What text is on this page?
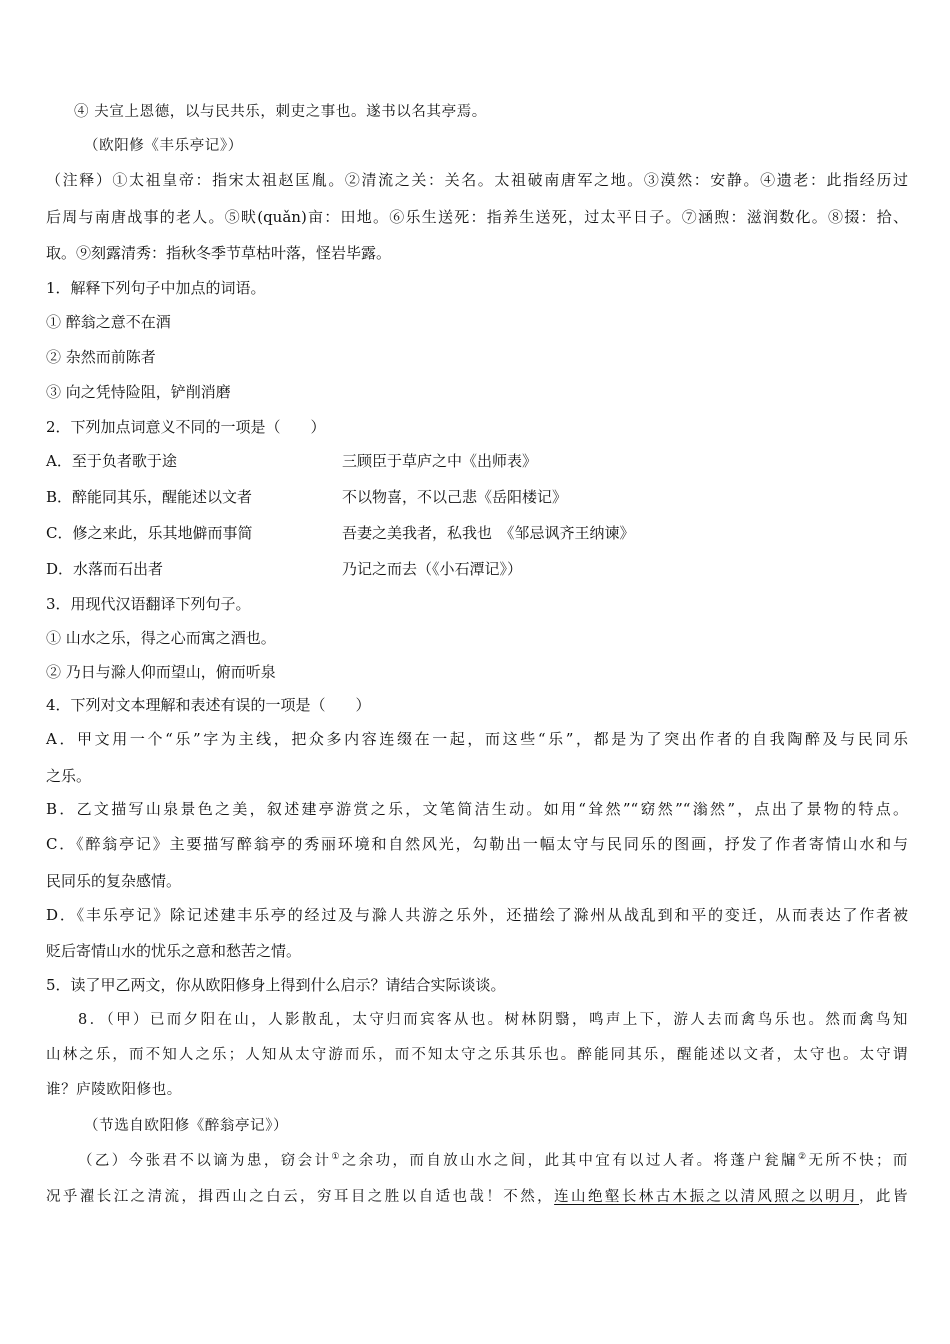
④ 夫宣上恩德，以与民共乐，刺吏之事也。遂书以名其亭焉。
（欧阳修《丰乐亭记》）
（注释）①太祖皇帝：指宋太祖赵匡胤。②清流之关：关名。太祖破南唐军之地。③漠然：安静。④遗老：此指经历过
后周与南唐战事的老人。⑤畎(quǎn)亩：田地。⑥乐生送死：指养生送死，过太平日子。⑦涵煦：滋润数化。⑧掇：拾、
取。⑨刻露清秀：指秋冬季节草枯叶落，怪岩毕露。
1．解释下列句子中加点的词语。
① 醉翁之意不在酒
② 杂然而前陈者
③ 向之凭恃险阻，铲削消磨
2．下列加点词意义不同的一项是（　　）
A．至于负者歌于途	三顾臣于草庐之中《出师表》
B．醉能同其乐，醒能述以文者	不以物喜，不以己悲《岳阳楼记》
C．修之来此，乐其地僻而事简	吾妻之美我者，私我也　《邹忌讽齐王纳谏》
D．水落而石出者	乃记之而去（《小石潭记》）
3．用现代汉语翻译下列句子。
① 山水之乐，得之心而寓之酒也。
② 乃日与滁人仰而望山，俯而听泉
4．下列对文本理解和表述有误的一项是（　　）
A．甲文用一个“乐”字为主线，把众多内容连缀在一起，而这些“乐”，都是为了突出作者的自我陶醉及与民同乐
之乐。
B．乙文描写山泉景色之美，叙述建亭游赏之乐，文笔简洁生动。如用“耸然”“窈然”“滃然”，点出了景物的特点。
C．《醉翁亭记》主要描写醉翁亭的秀丽环境和自然风光，勾勒出一幅太守与民同乐的图画，抒发了作者寄情山水和与
民同乐的复杂感情。
D．《丰乐亭记》除记述建丰乐亭的经过及与滁人共游之乐外，还描绘了滁州从战乱到和平的变迁，从而表达了作者被
贬后寄情山水的忧乐之意和愁苦之情。
5．读了甲乙两文，你从欧阳修身上得到什么启示？请结合实际谈谈。
8．（甲）已而夕阳在山，人影散乱，太守归而宾客从也。树林阴翳，鸣声上下，游人去而禽鸟乐也。然而禽鸟知
山林之乐，而不知人之乐；人知从太守游而乐，而不知太守之乐其乐也。醉能同其乐，醒能述以文者，太守也。太守谓
谁？庐陵欧阳修也。
（节选自欧阳修《醉翁亭记》）
（乙）今张君不以谪为患，窃会计①之余功，而自放山水之间，此其中宜有以过人者。将蓬户瓮牖②无所不快；而
况乎濯长江之清流，揖西山之白云，穷耳目之胜以自适也哉！不然，连山绝壑长林古木振之以清风照之以明月，此皆
